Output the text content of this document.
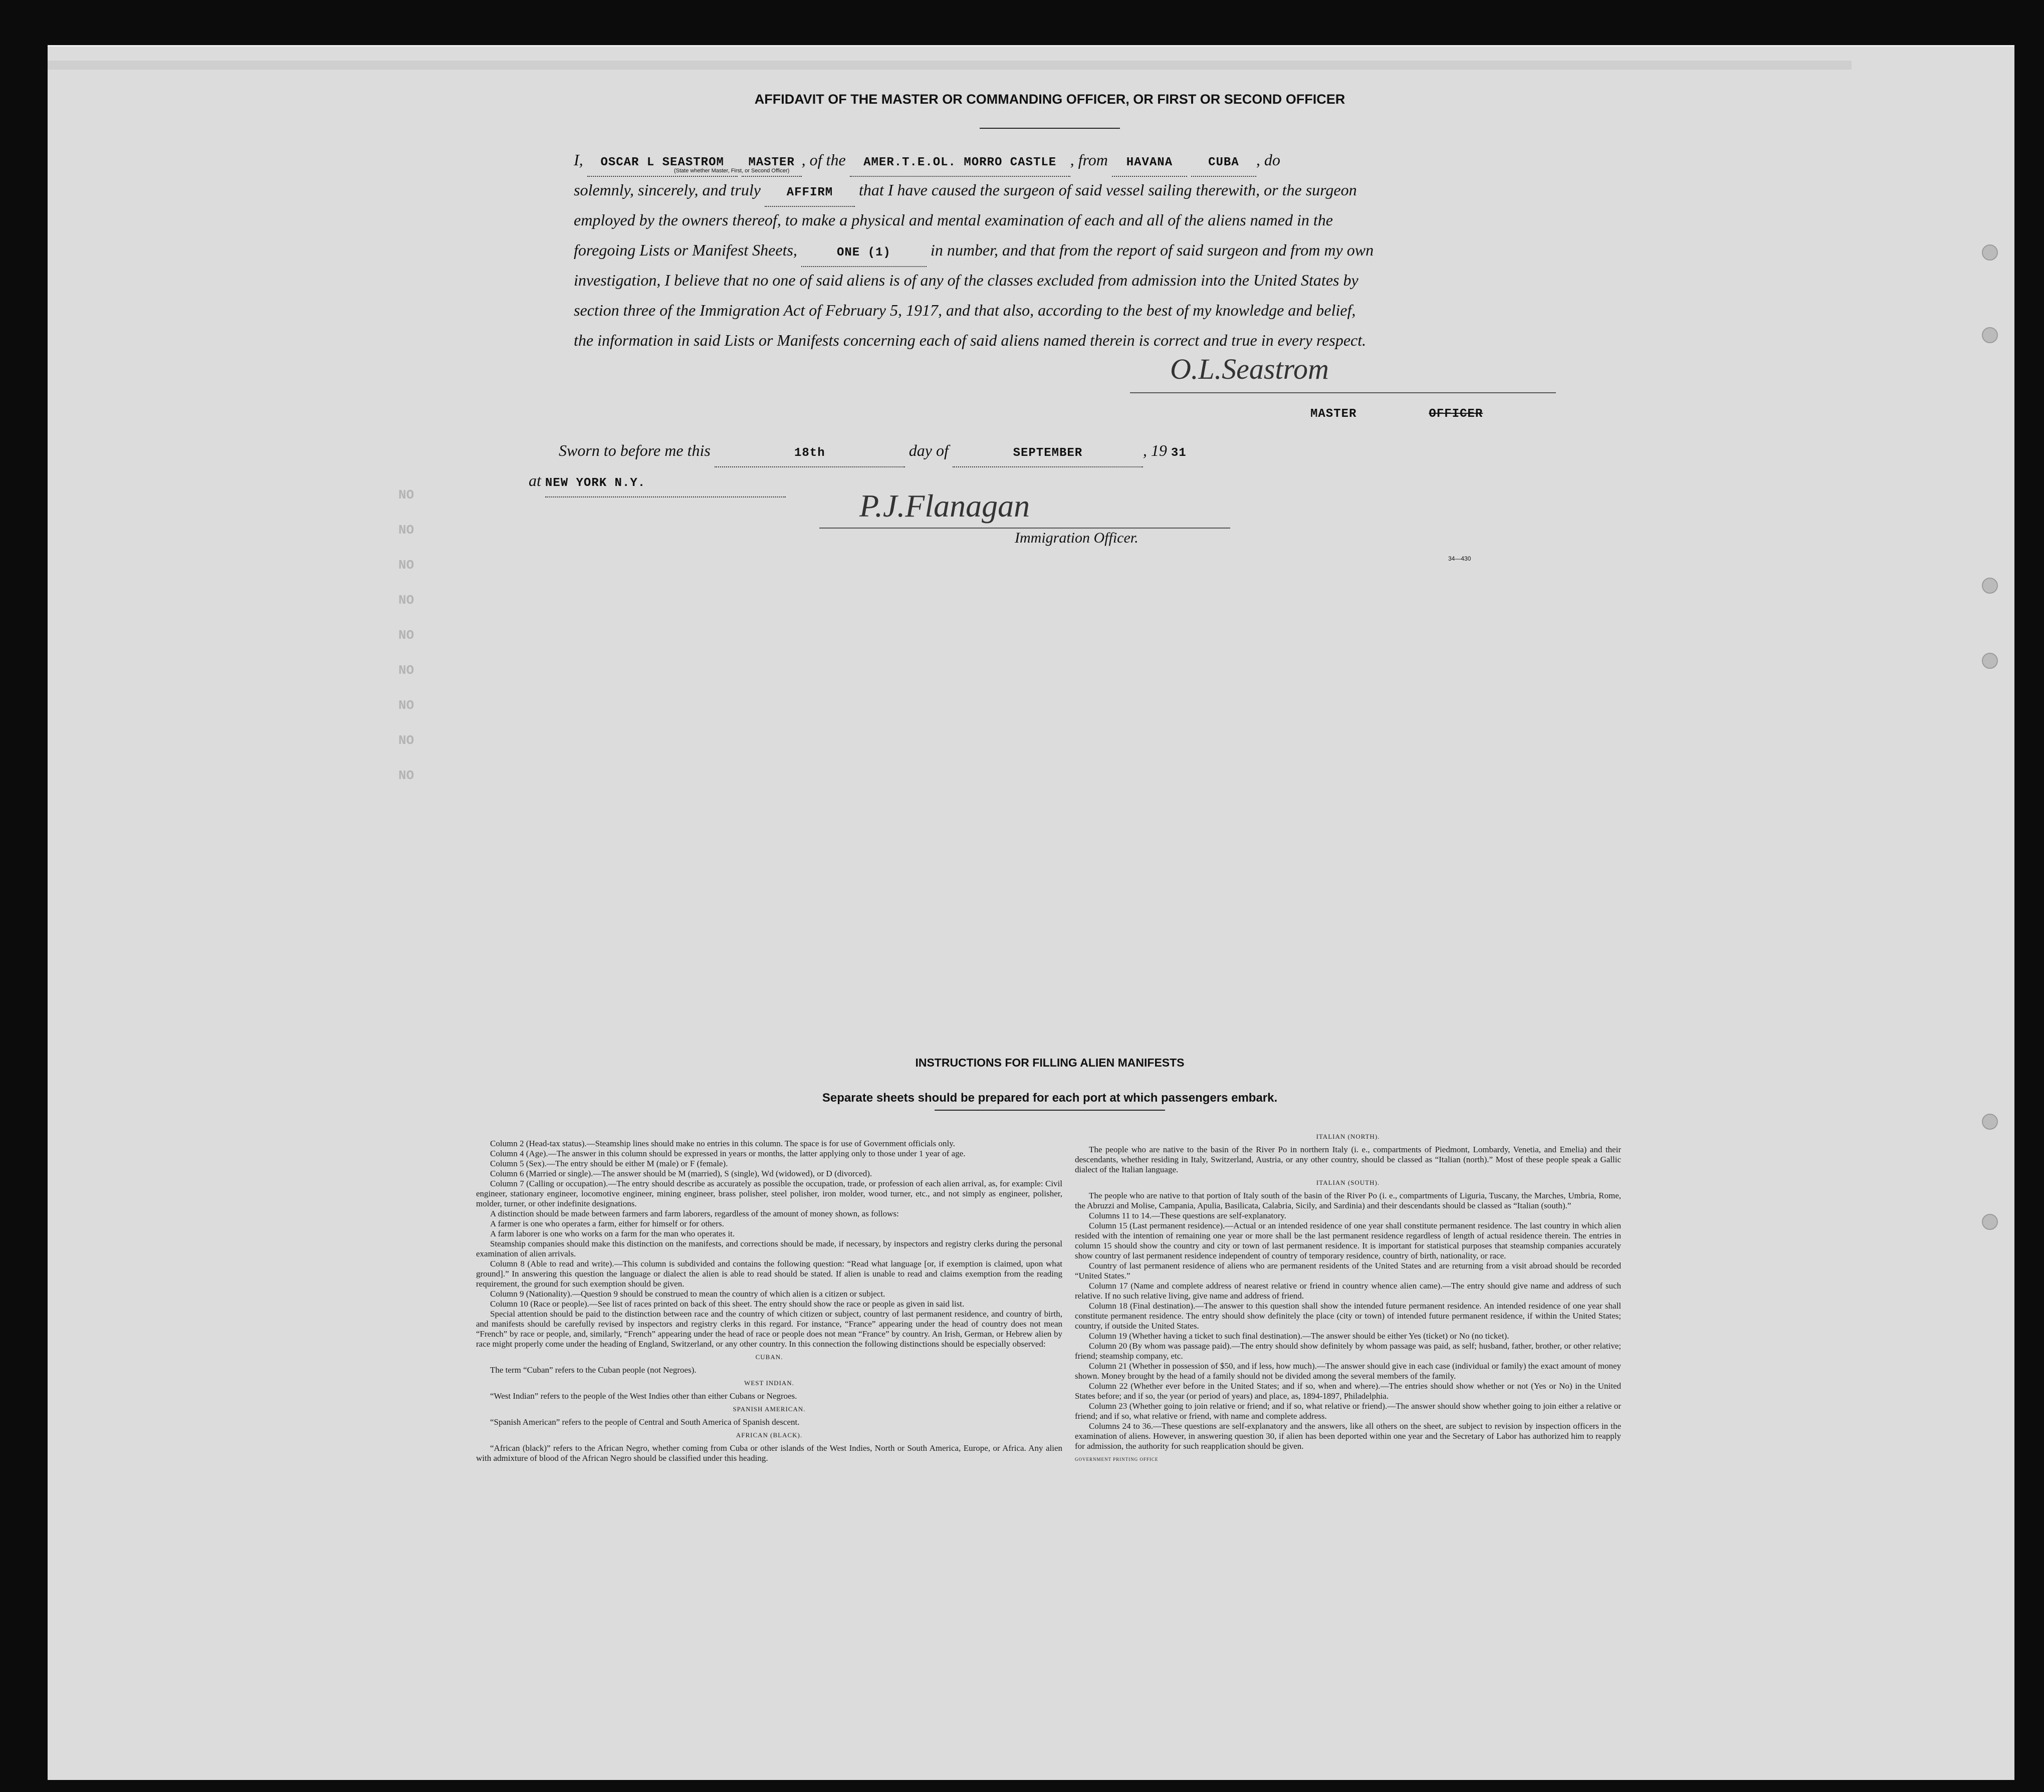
NO
NO
NO
NO
NO
NO
NO
NO
NO
AFFIDAVIT OF THE MASTER OR COMMANDING OFFICER, OR FIRST OR SECOND OFFICER
I, OSCAR L SEASTROM MASTER , of the AMER.T.E.OL. MORRO CASTLE , from HAVANA	CUBA , do
(State whether Master, First, or Second Officer)
solemnly, sincerely, and truly AFFIRM that I have caused the surgeon of said vessel sailing therewith, or the surgeon
employed by the owners thereof, to make a physical and mental examination of each and all of the aliens named in the
foregoing Lists or Manifest Sheets,	ONE (1) in number, and that from the report of said surgeon and from my own
investigation, I believe that no one of said aliens is of any of the classes excluded from admission into the United States by
section three of the Immigration Act of February 5, 1917, and that also, according to the best of my knowledge and belief,
the information in said Lists or Manifests concerning each of said aliens named therein is correct and true in every respect.
O.L.Seastrom
MASTER	OFFICER
Sworn to before me this	18th	day of	SEPTEMBER	, 19 31
at NEW YORK N.Y.
P.J.Flanagan
Immigration Officer.
34—430
INSTRUCTIONS FOR FILLING ALIEN MANIFESTS
Separate sheets should be prepared for each port at which passengers embark.

Column 2 (Head-tax status).—Steamship lines should make no entries in this column. The space is for use of Government officials only.

Column 4 (Age).—The answer in this column should be expressed in years or months, the latter applying only to those under 1 year of age.

Column 5 (Sex).—The entry should be either M (male) or F (female).

Column 6 (Married or single).—The answer should be M (married), S (single), Wd (widowed), or D (divorced).

Column 7 (Calling or occupation).—The entry should describe as accurately as possible the occupation, trade, or profession of each alien arrival, as, for example: Civil engineer, stationary engineer, locomotive engineer, mining engineer, brass polisher, steel polisher, iron molder, wood turner, etc., and not simply as engineer, polisher, molder, turner, or other indefinite designations.

A distinction should be made between farmers and farm laborers, regardless of the amount of money shown, as follows:

A farmer is one who operates a farm, either for himself or for others.

A farm laborer is one who works on a farm for the man who operates it.

Steamship companies should make this distinction on the manifests, and corrections should be made, if necessary, by inspectors and registry clerks during the personal examination of alien arrivals.

Column 8 (Able to read and write).—This column is subdivided and contains the following question: “Read what language [or, if exemption is claimed, upon what ground].” In answering this question the language or dialect the alien is able to read should be stated. If alien is unable to read and claims exemption from the reading requirement, the ground for such exemption should be given.

Column 9 (Nationality).—Question 9 should be construed to mean the country of which alien is a citizen or subject.

Column 10 (Race or people).—See list of races printed on back of this sheet. The entry should show the race or people as given in said list.

Special attention should be paid to the distinction between race and the country of which citizen or subject, country of last permanent residence, and country of birth, and manifests should be carefully revised by inspectors and registry clerks in this regard. For instance, “France” appearing under the head of country does not mean “French” by race or people, and, similarly, “French” appearing under the head of race or people does not mean “France” by country. An Irish, German, or Hebrew alien by race might properly come under the heading of England, Switzerland, or any other country. In this connection the following distinctions should be especially observed:

CUBAN.

The term “Cuban” refers to the Cuban people (not Negroes).

WEST INDIAN.

“West Indian” refers to the people of the West Indies other than either Cubans or Negroes.

SPANISH AMERICAN.

“Spanish American” refers to the people of Central and South America of Spanish descent.

AFRICAN (BLACK).

“African (black)” refers to the African Negro, whether coming from Cuba or other islands of the West Indies, North or South America, Europe, or Africa. Any alien with admixture of blood of the African Negro should be classified under this heading.

ITALIAN (NORTH).

The people who are native to the basin of the River Po in northern Italy (i. e., compartments of Piedmont, Lombardy, Venetia, and Emelia) and their descendants, whether residing in Italy, Switzerland, Austria, or any other country, should be classed as “Italian (north).” Most of these people speak a Gallic dialect of the Italian language.

ITALIAN (SOUTH).

The people who are native to that portion of Italy south of the basin of the River Po (i. e., compartments of Liguria, Tuscany, the Marches, Umbria, Rome, the Abruzzi and Molise, Campania, Apulia, Basilicata, Calabria, Sicily, and Sardinia) and their descendants should be classed as “Italian (south).”

Columns 11 to 14.—These questions are self-explanatory.

Column 15 (Last permanent residence).—Actual or an intended residence of one year shall constitute permanent residence. The last country in which alien resided with the intention of remaining one year or more shall be the last permanent residence regardless of length of actual residence therein. The entries in column 15 should show the country and city or town of last permanent residence. It is important for statistical purposes that steamship companies accurately show country of last permanent residence independent of country of temporary residence, country of birth, nationality, or race.

Country of last permanent residence of aliens who are permanent residents of the United States and are returning from a visit abroad should be recorded “United States.”

Column 17 (Name and complete address of nearest relative or friend in country whence alien came).—The entry should give name and address of such relative. If no such relative living, give name and address of friend.

Column 18 (Final destination).—The answer to this question shall show the intended future permanent residence. An intended residence of one year shall constitute permanent residence. The entry should show definitely the place (city or town) of intended future permanent residence, if within the United States; country, if outside the United States.

Column 19 (Whether having a ticket to such final destination).—The answer should be either Yes (ticket) or No (no ticket).

Column 20 (By whom was passage paid).—The entry should show definitely by whom passage was paid, as self; husband, father, brother, or other relative; friend; steamship company, etc.

Column 21 (Whether in possession of $50, and if less, how much).—The answer should give in each case (individual or family) the exact amount of money shown. Money brought by the head of a family should not be divided among the several members of the family.

Column 22 (Whether ever before in the United States; and if so, when and where).—The entries should show whether or not (Yes or No) in the United States before; and if so, the year (or period of years) and place, as, 1894-1897, Philadelphia.

Column 23 (Whether going to join relative or friend; and if so, what relative or friend).—The answer should show whether going to join either a relative or friend; and if so, what relative or friend, with name and complete address.

Columns 24 to 36.—These questions are self-explanatory and the answers, like all others on the sheet, are subject to revision by inspection officers in the examination of aliens. However, in answering question 30, if alien has been deported within one year and the Secretary of Labor has authorized him to reapply for admission, the authority for such reapplication should be given.

GOVERNMENT PRINTING OFFICE
